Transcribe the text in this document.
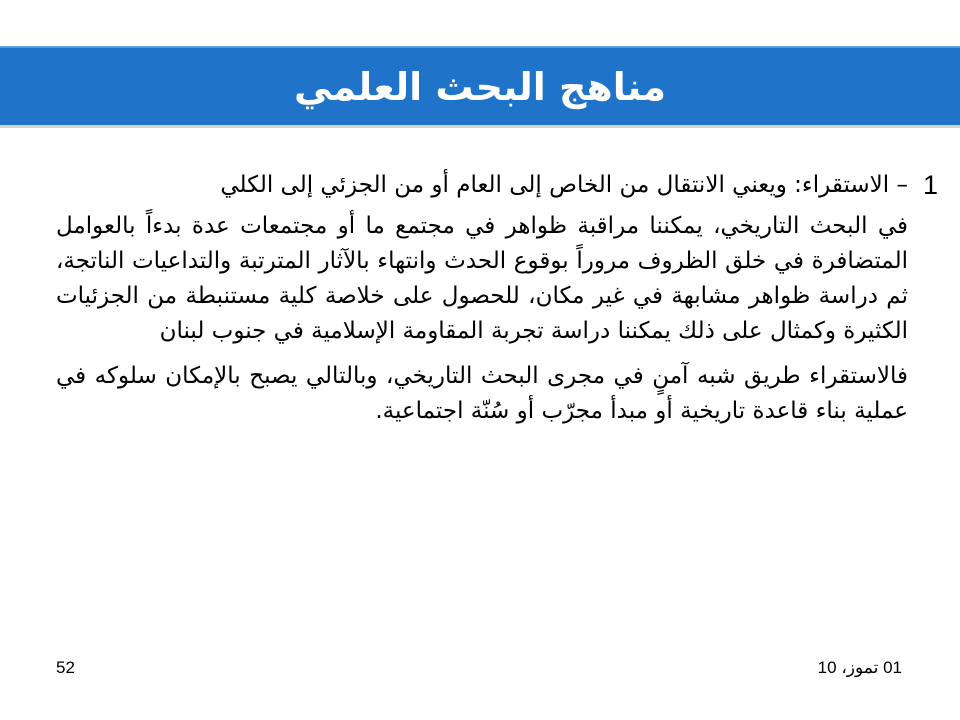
مناهج البحث العلمي
1

– الاستقراء: ويعني الانتقال من الخاص إلى العام أو من الجزئي إلى الكلي

في البحث التاريخي، يمكننا مراقبة ظواهر في مجتمع ما أو مجتمعات عدة بدءاً بالعوامل المتضافرة في خلق الظروف مروراً بوقوع الحدث وانتهاء بالآثار المترتبة والتداعيات الناتجة، ثم دراسة ظواهر مشابهة في غير مكان، للحصول على خلاصة كلية مستنبطة من الجزئيات الكثيرة وكمثال على ذلك يمكننا دراسة تجربة المقاومة الإسلامية في جنوب لبنان

فالاستقراء طريق شبه آمنٍ في مجرى البحث التاريخي، وبالتالي يصبح بالإمكان سلوكه في عملية بناء قاعدة تاريخية أو مبدأ مجرّب أو سُنّة اجتماعية.

52	01 تموز، 10
